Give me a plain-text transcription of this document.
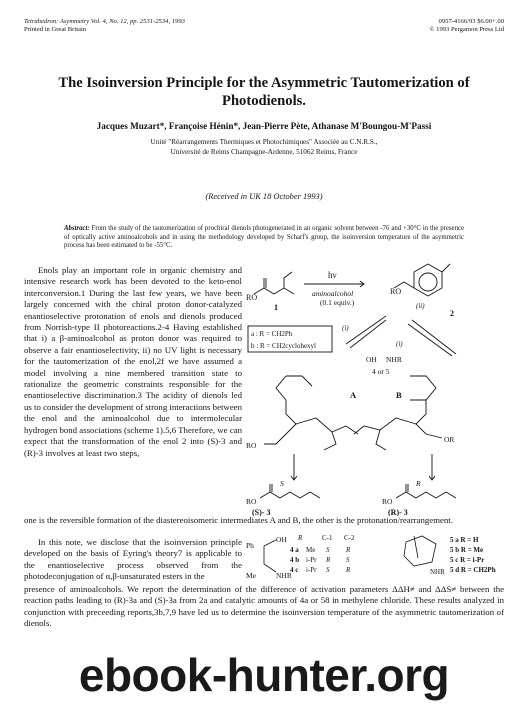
Tetrahedron: Asymmetry Vol. 4, No. 12, pp. 2531-2534, 1993
Printed in Great Britain
0957-4166/93 $6.00+.00
© 1993 Pergamon Press Ltd
The Isoinversion Principle for the Asymmetric Tautomerization of
Photodienols.
Jacques Muzart*, Françoise Hénin*, Jean-Pierre Pète, Athanase M'Boungou-M'Passi
Unité "Réarrangements Thermiques et Photochimiques" Associée au C.N.R.S.,
Université de Reims Champagne-Ardenne, 51062 Reims, France
(Received in UK 18 October 1993)
Abstract: From the study of the tautomerization of prochiral dienols photogenerated in an organic solvent between -76 and +30°C in the presence of optically active aminoalcohols and in using the methodology developed by Scharf's group, the isoinversion temperature of the asymmetric process has been estimated to be -55°C.
Enols play an important role in organic chemistry and intensive research work has been devoted to the keto-enol interconversion.1 During the last few years, we have been largely concerned with the chiral proton donor-catalyzed enantioselective protonation of enols and dienols produced from Norrish-type II photoreactions.2-4 Having established that i) a β-aminoalcohol as proton donor was required to observe a fair enantioselectivity, ii) no UV light is necessary for the tautomerization of the enol,2f we have assumed a model involving a nine membered transition state to rationalize the geometric constraints responsible for the enantioselective discrimination.3 The acidity of dienols led us to consider the development of strong interactions between the enol and the aminoalcohol due to intermolecular hydrogen bond associations (scheme 1).5,6 Therefore, we can expect that the transformation of the enol 2 into (S)-3 and (R)-3 involves at least two steps,
RO
1
hν
aminoalcohol
(0.1 equiv.)
RO
2
(ii)
a : R = CH2Ph
b : R = CH2cyclohexyl
(i)
(i)
OH NHR
4 or 5
A	B
RO
OR
RO	RO
S	R
(S)- 3	(R)- 3
one is the reversible formation of the diastereoisomeric intermediates A and B, the other is the protonation/rearrangement.
In this note, we disclose that the isoinversion principle developed on the basis of Eyring's theory7 is applicable to the enantioselective process observed from the photodeconjugation of α,β-unsaturated esters in the
Ph
OH
Me	NHR
R	C-1 C-2
4 a Me S R
4 b i-Pr R S
4 c i-Pr S R	NHR
5 a R = H
5 b R = Me
5 c R = i-Pr
5 d R = CH2Ph
presence of aminoalcohols. We report the determination of the difference of activation parameters ΔΔH≠ and ΔΔS≠ between the reaction paths leading to (R)-3a and (S)-3a from 2a and catalytic amounts of 4a or 58 in methylene chloride. These results analyzed in conjunction with preceeding reports,3b,7,9 have led us to determine the isoinversion temperature of the asymmetric tautomerization of dienols.
ebook-hunter.org
